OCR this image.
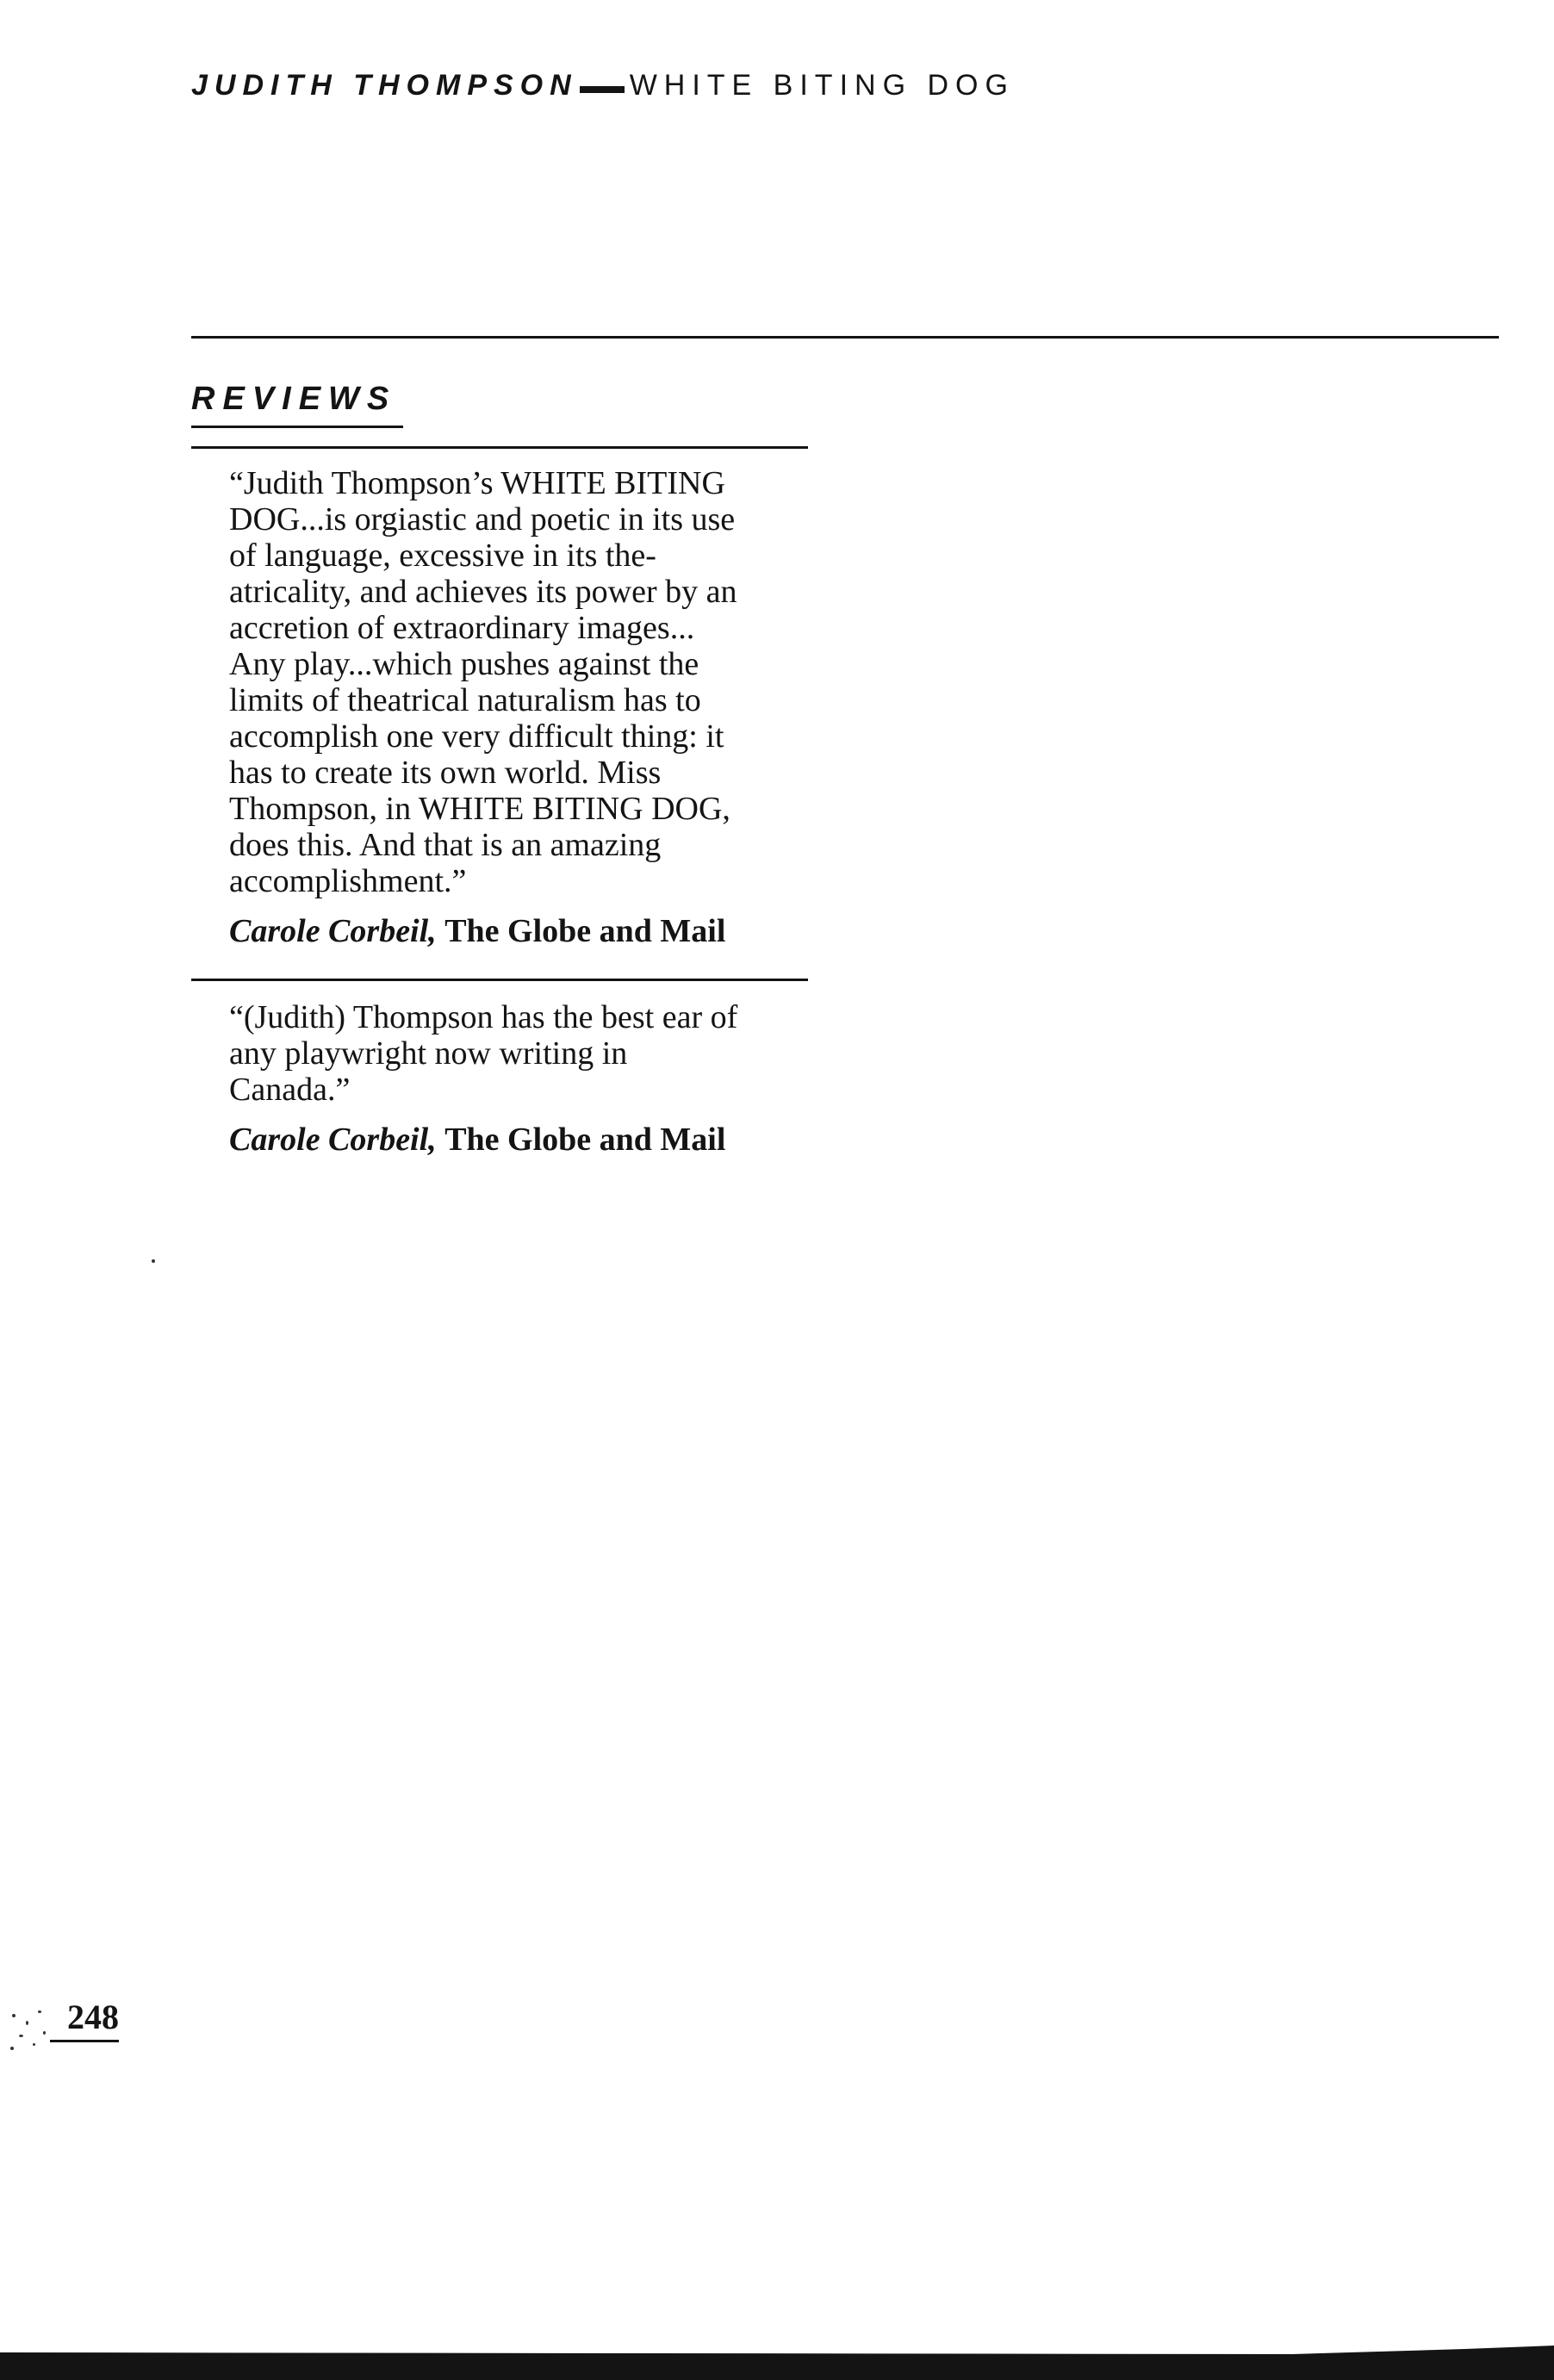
JUDITH THOMPSON WHITE BITING DOG
REVIEWS
“Judith Thompson’s WHITE BITING
DOG...is orgiastic and poetic in its use
of language, excessive in its the-
atricality, and achieves its power by an
accretion of extraordinary images...
Any play...which pushes against the
limits of theatrical naturalism has to
accomplish one very difficult thing: it
has to create its own world. Miss
Thompson, in WHITE BITING DOG,
does this. And that is an amazing
accomplishment.”
Carole Corbeil, The Globe and Mail
“(Judith) Thompson has the best ear of
any playwright now writing in
Canada.”
Carole Corbeil, The Globe and Mail
248
